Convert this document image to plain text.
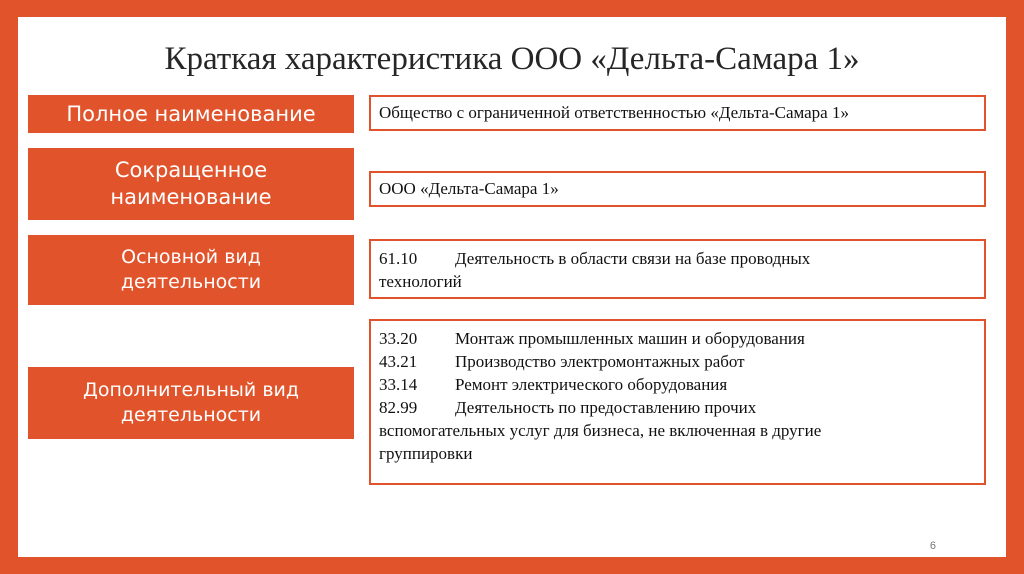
Краткая характеристика ООО «Дельта-Самара 1»
Полное наименование
Сокращенное наименование
Основной вид деятельности
Дополнительный вид деятельности
Общество с ограниченной ответственностью «Дельта-Самара 1»
ООО «Дельта-Самара 1»
61.10 Деятельность в области связи на базе проводных
технологий
33.20 Монтаж промышленных машин и оборудования
43.21 Производство электромонтажных работ
33.14 Ремонт электрического оборудования
82.99 Деятельность по предоставлению прочих
вспомогательных услуг для бизнеса, не включенная в другие
группировки
6
